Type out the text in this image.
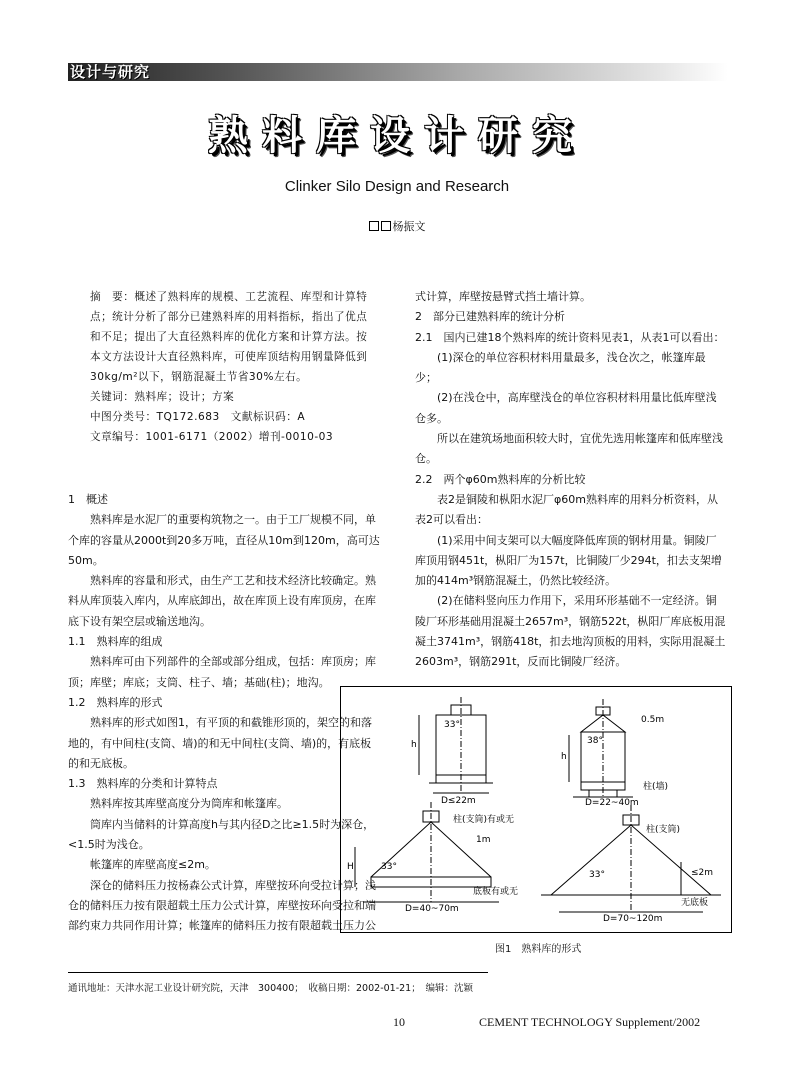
设计与研究
熟料库设计研究
Clinker Silo Design and Research
杨振文

摘　要：概述了熟料库的规模、工艺流程、库型和计算特点；统计分析了部分已建熟料库的用料指标，指出了优点和不足；提出了大直径熟料库的优化方案和计算方法。按本文方法设计大直径熟料库，可使库顶结构用钢量降低到30kg/m²以下，钢筋混凝土节省30%左右。

关键词：熟料库；设计；方案

中图分类号：TQ172.683　文献标识码：A

文章编号：1001-6171（2002）增刊-0010-03

1　概述

熟料库是水泥厂的重要构筑物之一。由于工厂规模不同，单个库的容量从2000t到20多万吨，直径从10m到120m，高可达50m。

熟料库的容量和形式，由生产工艺和技术经济比较确定。熟料从库顶装入库内，从库底卸出，故在库顶上设有库顶房，在库底下设有架空层或输送地沟。

1.1　熟料库的组成

熟料库可由下列部件的全部或部分组成，包括：库顶房；库顶；库壁；库底；支筒、柱子、墙；基础(柱)；地沟。

1.2　熟料库的形式

熟料库的形式如图1，有平顶的和截锥形顶的，架空的和落地的，有中间柱(支筒、墙)的和无中间柱(支筒、墙)的，有底板的和无底板。

1.3　熟料库的分类和计算特点

熟料库按其库壁高度分为筒库和帐篷库。

筒库内当储料的计算高度h与其内径D之比≥1.5时为深仓，<1.5时为浅仓。

帐篷库的库壁高度≤2m。

深仓的储料压力按杨森公式计算，库壁按环向受拉计算；浅仓的储料压力按有限超载土压力公式计算，库壁按环向受拉和端部约束力共同作用计算；帐篷库的储料压力按有限超载土压力公

式计算，库壁按悬臂式挡土墙计算。

2　部分已建熟料库的统计分析

2.1　国内已建18个熟料库的统计资料见表1，从表1可以看出：

(1)深仓的单位容积材料用量最多，浅仓次之，帐篷库最少；

(2)在浅仓中，高库壁浅仓的单位容积材料用量比低库壁浅仓多。

所以在建筑场地面积较大时，宜优先选用帐篷库和低库壁浅仓。

2.2　两个φ60m熟料库的分析比较

表2是铜陵和枞阳水泥厂φ60m熟料库的用料分析资料，从表2可以看出：

(1)采用中间支架可以大幅度降低库顶的钢材用量。铜陵厂库顶用钢451t，枞阳厂为157t，比铜陵厂少294t，扣去支架增加的414m³钢筋混凝土，仍然比较经济。

(2)在储料竖向压力作用下，采用环形基础不一定经济。铜陵厂环形基础用混凝土2657m³，钢筋522t，枞阳厂库底板用混凝土3741m³，钢筋418t，扣去地沟顶板的用料，实际用混凝土2603m³，钢筋291t，反而比铜陵厂经济。

33°
h
D≤22m
38°
h
0.5m
D=22~40m
柱(墙)
柱(支筒)有或无
1m
33°
H
底板有或无
D=40~70m
柱(支筒)
≤2m
33°
无底板
D=70~120m
图1　熟料库的形式
通讯地址：天津水泥工业设计研究院，天津　300400；　收稿日期：2002-01-21；　编辑：沈颖
10	CEMENT TECHNOLOGY Supplement/2002
